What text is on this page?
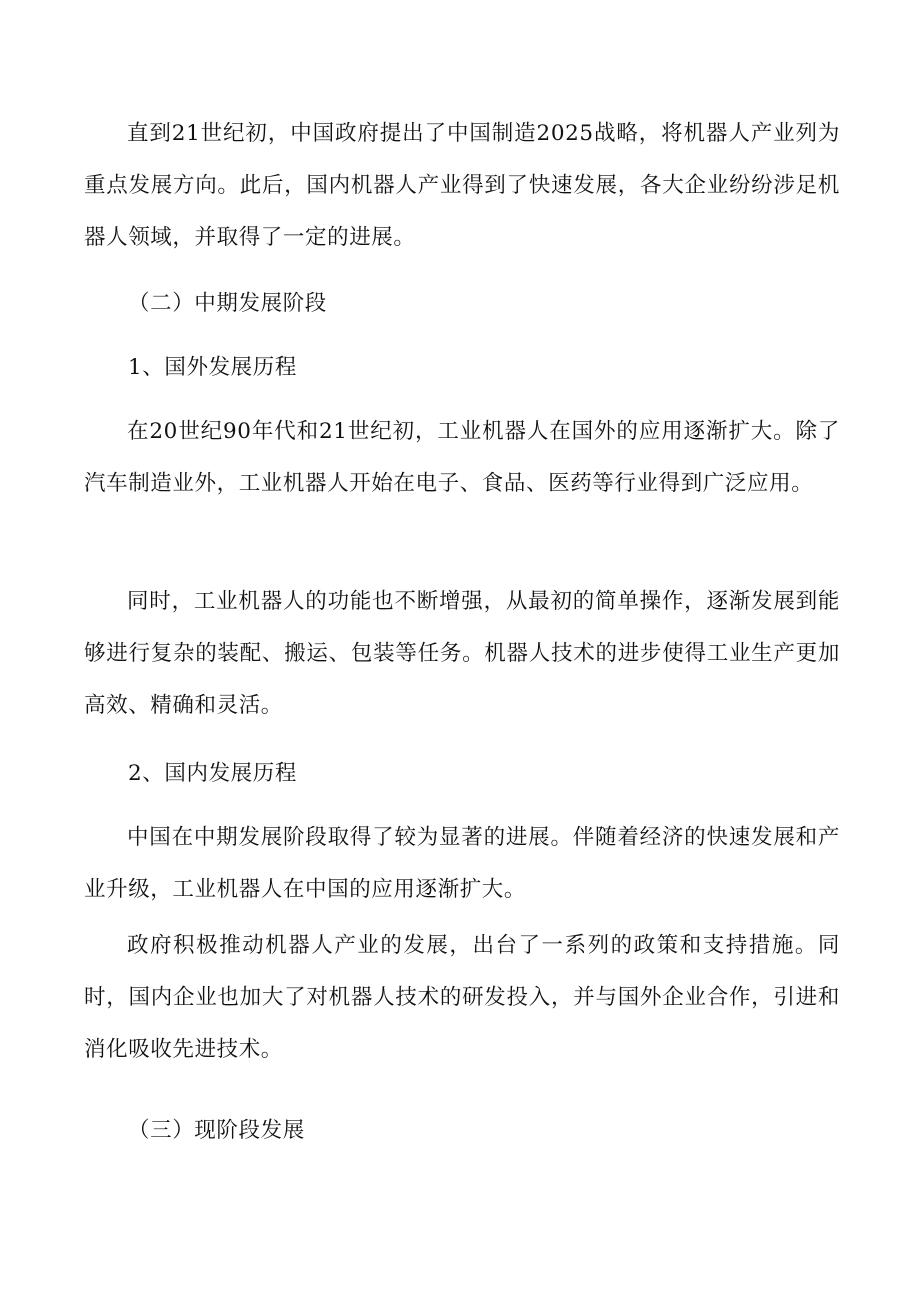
直到21世纪初，中国政府提出了中国制造2025战略，将机器人产业列为重点发展方向。此后，国内机器人产业得到了快速发展，各大企业纷纷涉足机器人领域，并取得了一定的进展。

（二）中期发展阶段
1、国外发展历程

在20世纪90年代和21世纪初，工业机器人在国外的应用逐渐扩大。除了汽车制造业外，工业机器人开始在电子、食品、医药等行业得到广泛应用。

同时，工业机器人的功能也不断增强，从最初的简单操作，逐渐发展到能够进行复杂的装配、搬运、包装等任务。机器人技术的进步使得工业生产更加高效、精确和灵活。

2、国内发展历程

中国在中期发展阶段取得了较为显著的进展。伴随着经济的快速发展和产业升级，工业机器人在中国的应用逐渐扩大。

政府积极推动机器人产业的发展，出台了一系列的政策和支持措施。同时，国内企业也加大了对机器人技术的研发投入，并与国外企业合作，引进和消化吸收先进技术。

（三）现阶段发展
